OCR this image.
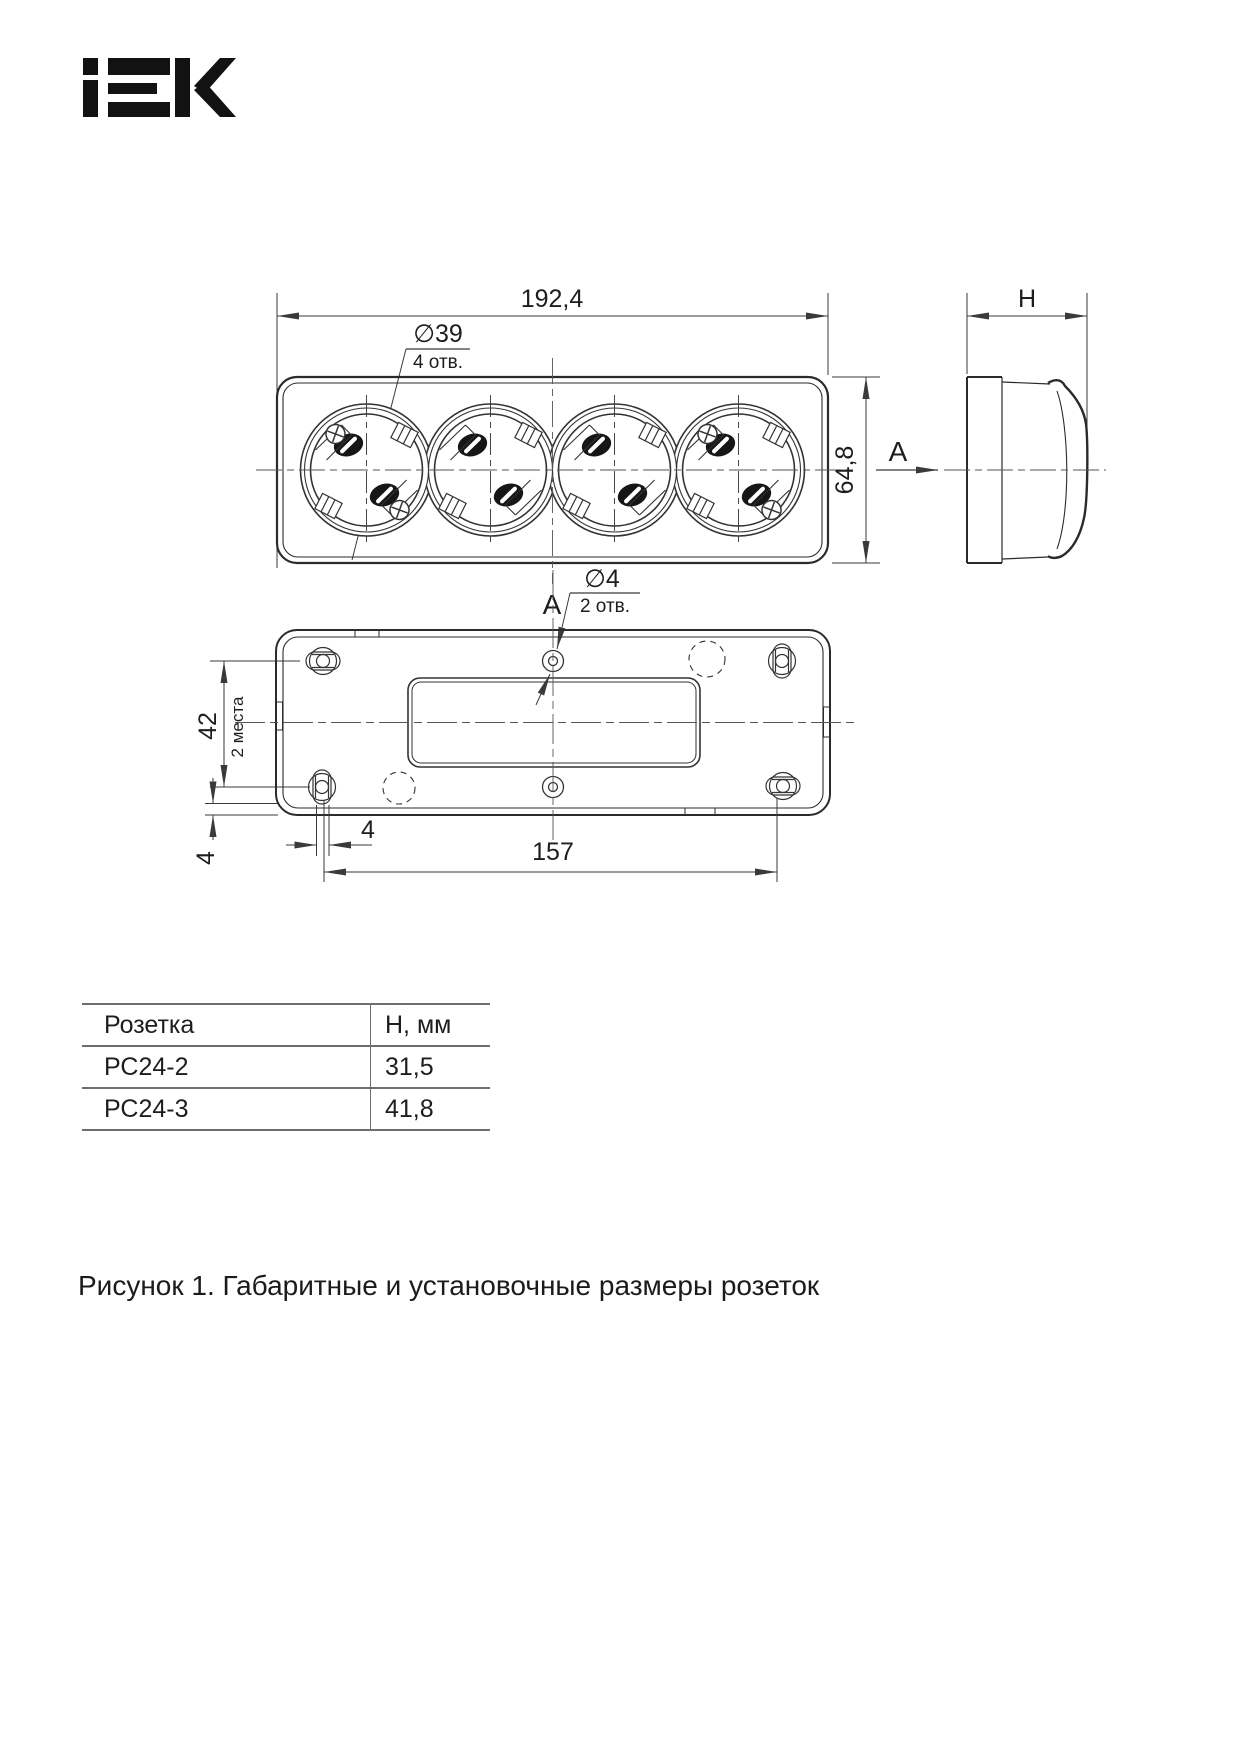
192,4
∅39
4 отв.
64,8 A
H
∅4
2 отв.
A
42 2 места
4
4
157
Розетка	Н, мм
РС24-2	31,5
РС24-3	41,8
Рисунок 1. Габаритные и установочные размеры розеток
